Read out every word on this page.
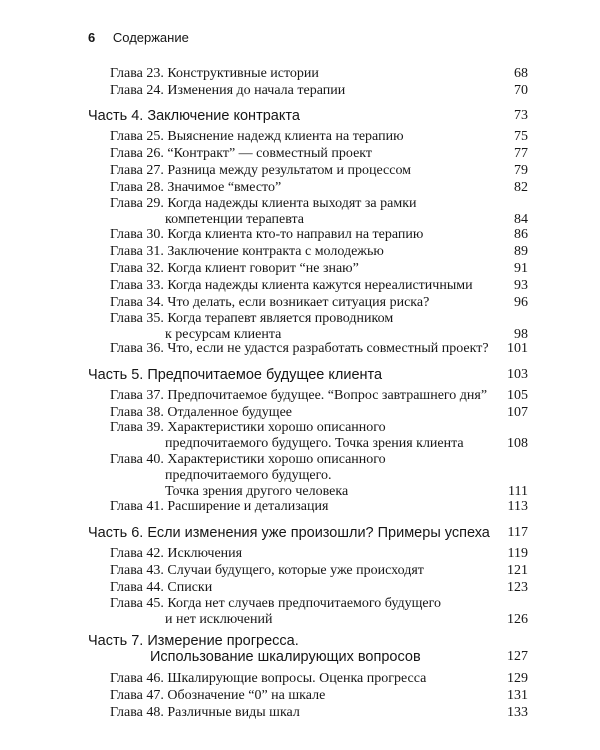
6 Содержание
Глава 23. Конструктивные истории	68
Глава 24. Изменения до начала терапии	70
Часть 4. Заключение контракта	73
Глава 25. Выяснение надежд клиента на терапию	75
Глава 26. “Контракт” — совместный проект	77
Глава 27. Разница между результатом и процессом	79
Глава 28. Значимое “вместо”	82
Глава 29. Когда надежды клиента выходят за рамки
компетенции терапевта	84
Глава 30. Когда клиента кто-то направил на терапию	86
Глава 31. Заключение контракта с молодежью	89
Глава 32. Когда клиент говорит “не знаю”	91
Глава 33. Когда надежды клиента кажутся нереалистичными	93
Глава 34. Что делать, если возникает ситуация риска?	96
Глава 35. Когда терапевт является проводником
к ресурсам клиента	98
Глава 36. Что, если не удастся разработать совместный проект? 101
Часть 5. Предпочитаемое будущее клиента	103
Глава 37. Предпочитаемое будущее. “Вопрос завтрашнего дня” 105
Глава 38. Отдаленное будущее	107
Глава 39. Характеристики хорошо описанного
предпочитаемого будущего. Точка зрения клиента	108
Глава 40. Характеристики хорошо описанного
предпочитаемого будущего.
Точка зрения другого человека	111
Глава 41. Расширение и детализация	113
Часть 6. Если изменения уже произошли? Примеры успеха 117
Глава 42. Исключения	119
Глава 43. Случаи будущего, которые уже происходят	121
Глава 44. Списки	123
Глава 45. Когда нет случаев предпочитаемого будущего
и нет исключений	126
Часть 7. Измерение прогресса.
Использование шкалирующих вопросов	127
Глава 46. Шкалирующие вопросы. Оценка прогресса	129
Глава 47. Обозначение “0” на шкале	131
Глава 48. Различные виды шкал	133
